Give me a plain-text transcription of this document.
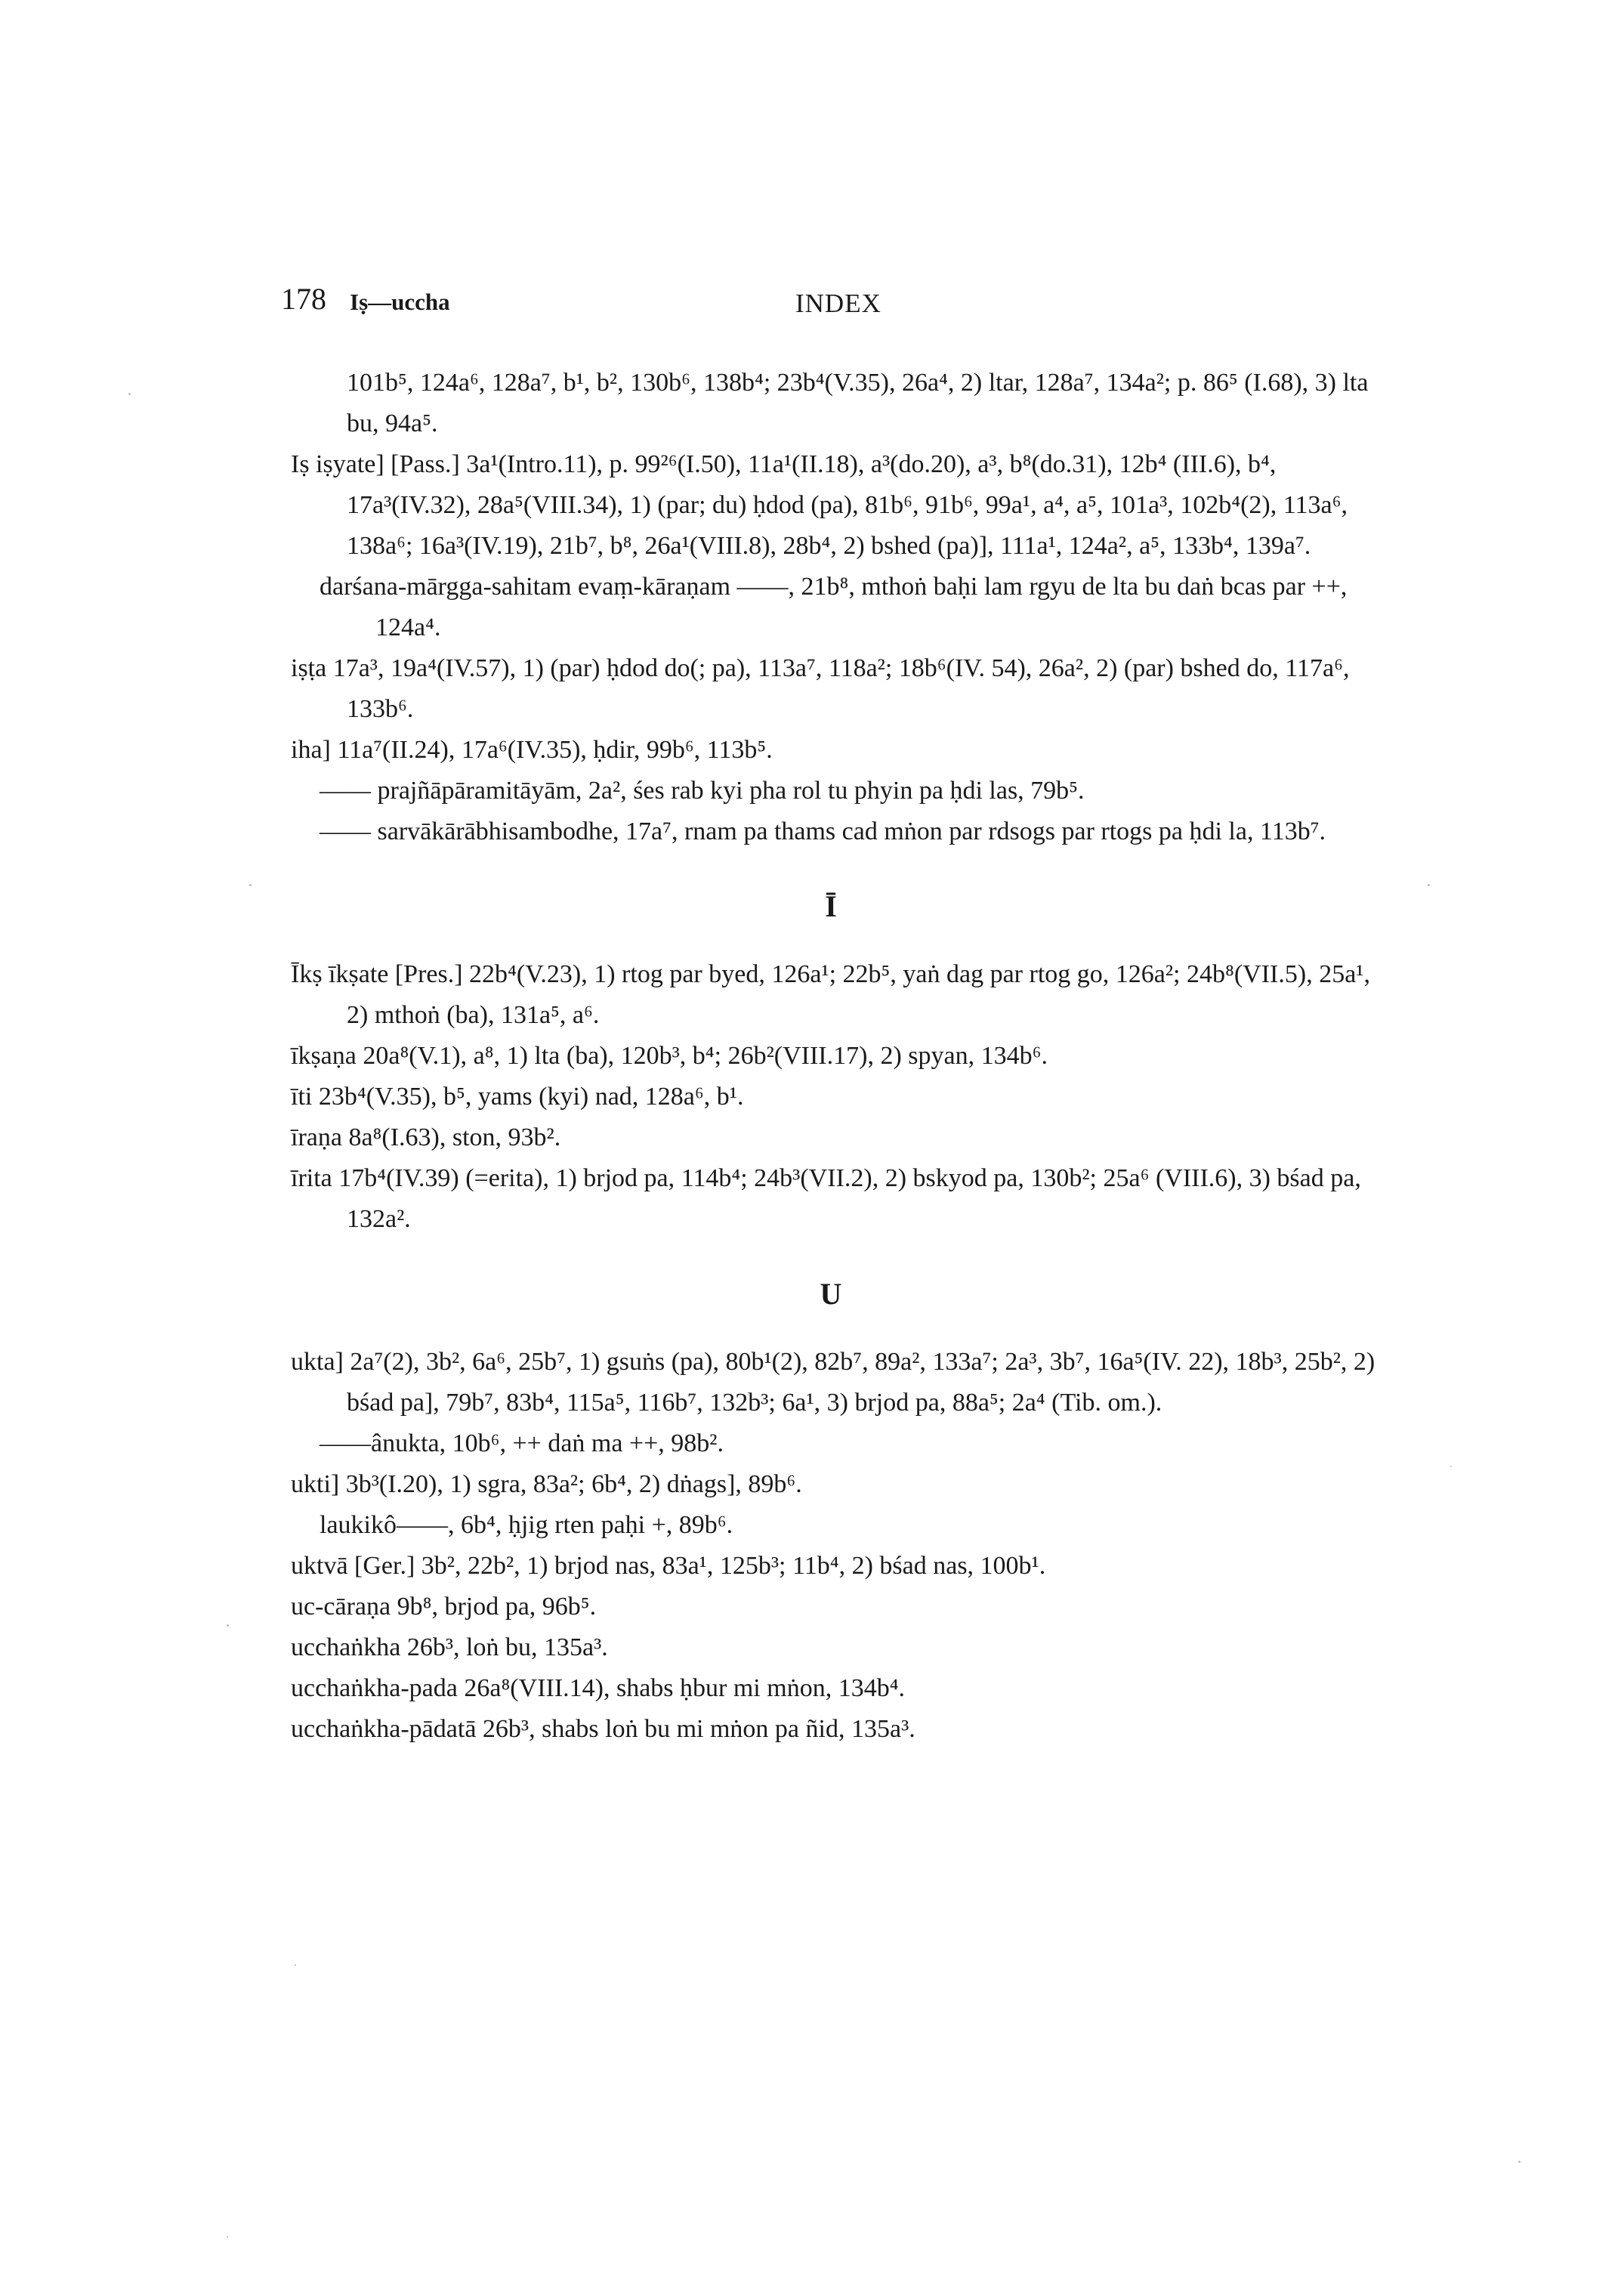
178 Iṣ—uccha	INDEX
101b⁵, 124a⁶, 128a⁷, b¹, b², 130b⁶, 138b⁴; 23b⁴(V.35), 26a⁴, 2) ltar, 128a⁷, 134a²; p. 86⁵ (I.68), 3) lta bu, 94a⁵.
Iṣ iṣyate] [Pass.] 3a¹(Intro.11), p. 99²⁶(I.50), 11a¹(II.18), a³(do.20), a³, b⁸(do.31), 12b⁴ (III.6), b⁴, 17a³(IV.32), 28a⁵(VIII.34), 1) (par; du) ḥdod (pa), 81b⁶, 91b⁶, 99a¹, a⁴, a⁵, 101a³, 102b⁴(2), 113a⁶, 138a⁶; 16a³(IV.19), 21b⁷, b⁸, 26a¹(VIII.8), 28b⁴, 2) bshed (pa)], 111a¹, 124a², a⁵, 133b⁴, 139a⁷.
darśana-mārgga-sahitam evaṃ-kāraṇam ——, 21b⁸, mthoṅ baḥi lam rgyu de lta bu daṅ bcas par ++, 124a⁴.
iṣṭa 17a³, 19a⁴(IV.57), 1) (par) ḥdod do(; pa), 113a⁷, 118a²; 18b⁶(IV. 54), 26a², 2) (par) bshed do, 117a⁶, 133b⁶.
iha] 11a⁷(II.24), 17a⁶(IV.35), ḥdir, 99b⁶, 113b⁵.
—— prajñāpāramitāyām, 2a², śes rab kyi pha rol tu phyin pa ḥdi las, 79b⁵.
—— sarvākārābhisambodhe, 17a⁷, rnam pa thams cad mṅon par rdsogs par rtogs pa ḥdi la, 113b⁷.
Ī
Īkṣ īkṣate [Pres.] 22b⁴(V.23), 1) rtog par byed, 126a¹; 22b⁵, yaṅ dag par rtog go, 126a²; 24b⁸(VII.5), 25a¹, 2) mthoṅ (ba), 131a⁵, a⁶.
īkṣaṇa 20a⁸(V.1), a⁸, 1) lta (ba), 120b³, b⁴; 26b²(VIII.17), 2) spyan, 134b⁶.
īti 23b⁴(V.35), b⁵, yams (kyi) nad, 128a⁶, b¹.
īraṇa 8a⁸(I.63), ston, 93b².
īrita 17b⁴(IV.39) (=erita), 1) brjod pa, 114b⁴; 24b³(VII.2), 2) bskyod pa, 130b²; 25a⁶ (VIII.6), 3) bśad pa, 132a².
U
ukta] 2a⁷(2), 3b², 6a⁶, 25b⁷, 1) gsuṅs (pa), 80b¹(2), 82b⁷, 89a², 133a⁷; 2a³, 3b⁷, 16a⁵(IV. 22), 18b³, 25b², 2) bśad pa], 79b⁷, 83b⁴, 115a⁵, 116b⁷, 132b³; 6a¹, 3) brjod pa, 88a⁵; 2a⁴ (Tib. om.).
——ânukta, 10b⁶, ++ daṅ ma ++, 98b².
ukti] 3b³(I.20), 1) sgra, 83a²; 6b⁴, 2) dṅags], 89b⁶.
laukikô——, 6b⁴, ḥjig rten paḥi +, 89b⁶.
uktvā [Ger.] 3b², 22b², 1) brjod nas, 83a¹, 125b³; 11b⁴, 2) bśad nas, 100b¹.
uc-cāraṇa 9b⁸, brjod pa, 96b⁵.
ucchaṅkha 26b³, loṅ bu, 135a³.
ucchaṅkha-pada 26a⁸(VIII.14), shabs ḥbur mi mṅon, 134b⁴.
ucchaṅkha-pādatā 26b³, shabs loṅ bu mi mṅon pa ñid, 135a³.
